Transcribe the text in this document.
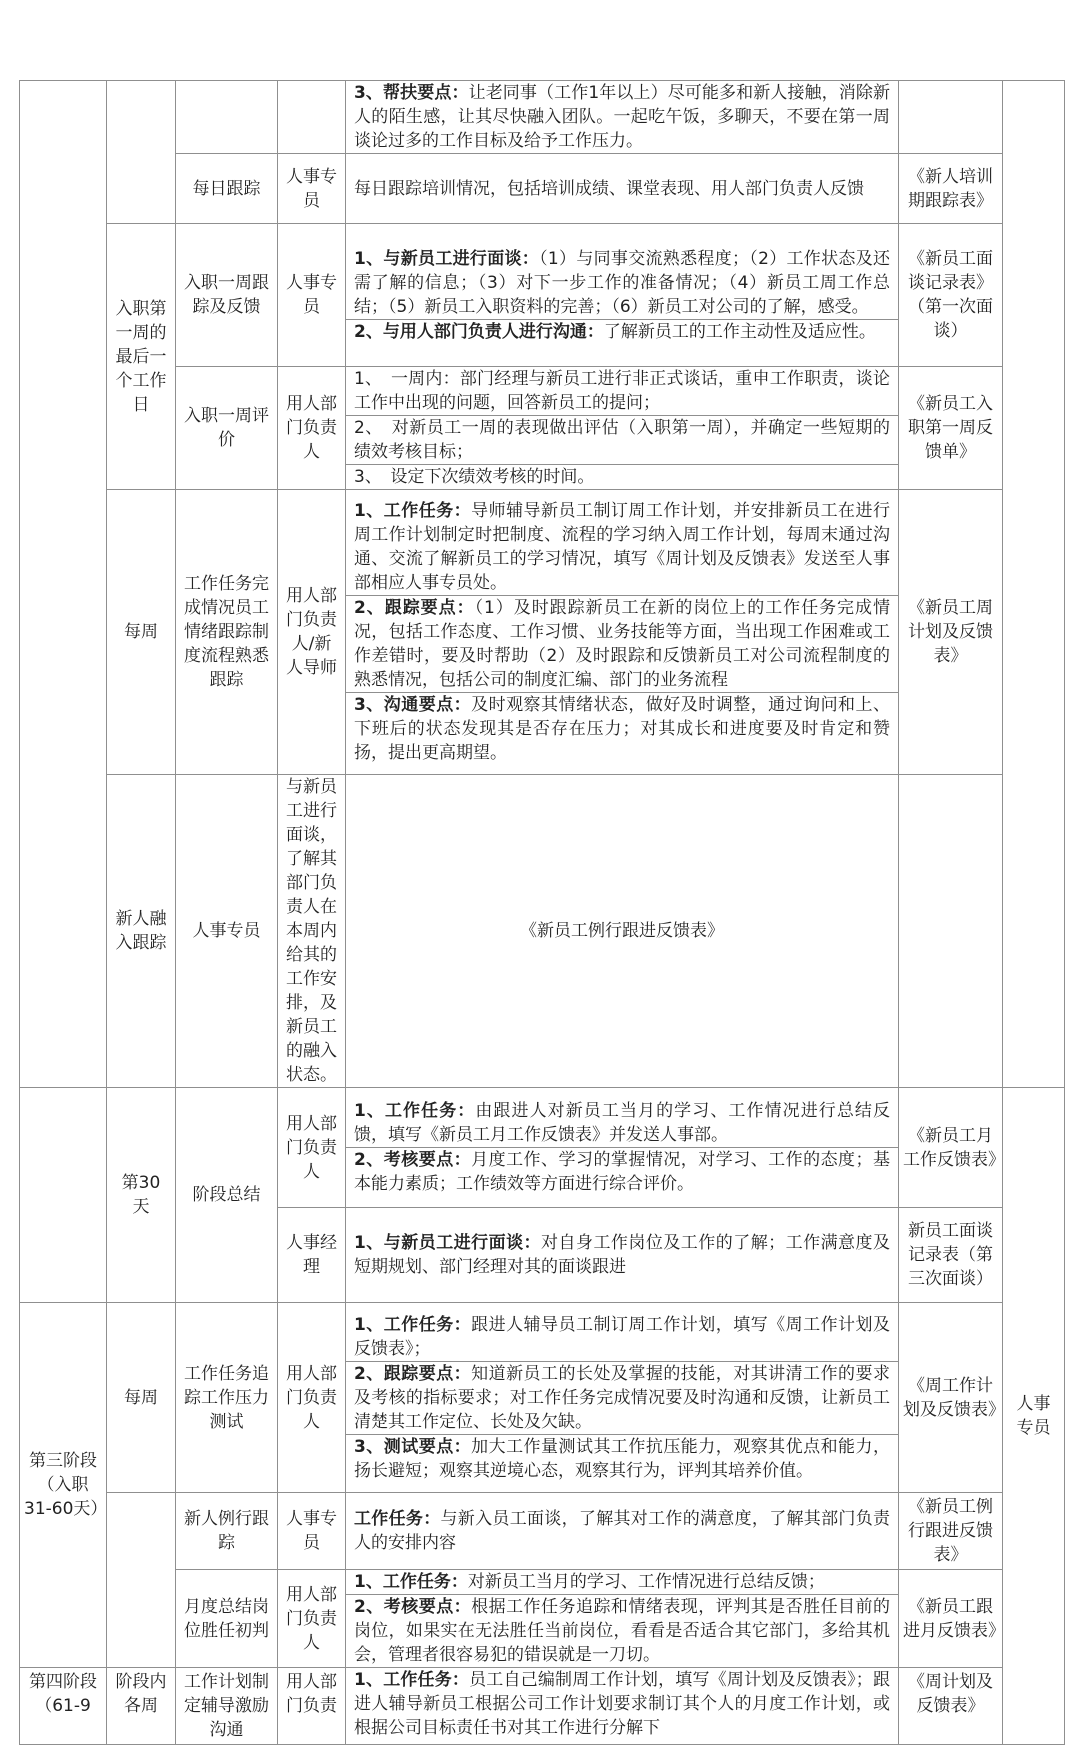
				3、帮扶要点：让老同事（工作1年以上）尽可能多和新人接触，消除新人的陌生感，让其尽快融入团队。一起吃午饭，多聊天，不要在第一周谈论过多的工作目标及给予工作压力。		
		每日跟踪	人事专员	每日跟踪培训情况，包括培训成绩、课堂表现、用人部门负责人反馈	《新人培训期跟踪表》	
	入职第一周的最后一个工作日	入职一周跟踪及反馈	人事专员	1、与新员工进行面谈：（1）与同事交流熟悉程度；（2）工作状态及还需了解的信息；（3）对下一步工作的准备情况；（4）新员工周工作总结；（5）新员工入职资料的完善；（6）新员工对公司的了解，感受。
2、与用人部门负责人进行沟通：了解新员工的工作主动性及适应性。	《新员工面谈记录表》（第一次面谈）	
		入职一周评价	用人部门负责人	1、　一周内：部门经理与新员工进行非正式谈话，重申工作职责，谈论工作中出现的问题，回答新员工的提问；
2、　对新员工一周的表现做出评估（入职第一周），并确定一些短期的绩效考核目标；
3、　设定下次绩效考核的时间。	《新员工入职第一周反馈单》	
	每周	工作任务完成情况员工情绪跟踪制度流程熟悉跟踪	用人部门负责人/新人导师	1、工作任务：导师辅导新员工制订周工作计划，并安排新员工在进行周工作计划制定时把制度、流程的学习纳入周工作计划，每周末通过沟通、交流了解新员工的学习情况，填写《周计划及反馈表》发送至人事部相应人事专员处。
2、跟踪要点：（1）及时跟踪新员工在新的岗位上的工作任务完成情况，包括工作态度、工作习惯、业务技能等方面，当出现工作困难或工作差错时，要及时帮助（2）及时跟踪和反馈新员工对公司流程制度的熟悉情况，包括公司的制度汇编、部门的业务流程
3、沟通要点：及时观察其情绪状态，做好及时调整，通过询问和上、下班后的状态发现其是否存在压力；对其成长和进度要及时肯定和赞扬，提出更高期望。	《新员工周计划及反馈表》	
	新人融入跟踪	人事专员	与新员工进行面谈，了解其部门负责人在本周内给其的工作安排，及新员工的融入状态。	《新员工例行跟进反馈表》		
	第30天	阶段总结	用人部门负责人	1、工作任务：由跟进人对新员工当月的学习、工作情况进行总结反馈，填写《新员工月工作反馈表》并发送人事部。
2、考核要点：月度工作、学习的掌握情况，对学习、工作的态度；基本能力素质；工作绩效等方面进行综合评价。	《新员工月工作反馈表》	人事专员
			人事经理	1、与新员工进行面谈：对自身工作岗位及工作的了解；工作满意度及短期规划、部门经理对其的面谈跟进	新员工面谈记录表（第三次面谈）	
第三阶段（入职31-60天）	每周	工作任务追踪工作压力测试	用人部门负责人	1、工作任务：跟进人辅导员工制订周工作计划，填写《周工作计划及反馈表》；
2、跟踪要点：知道新员工的长处及掌握的技能，对其讲清工作的要求及考核的指标要求；对工作任务完成情况要及时沟通和反馈，让新员工清楚其工作定位、长处及欠缺。
3、测试要点：加大工作量测试其工作抗压能力，观察其优点和能力，扬长避短；观察其逆境心态，观察其行为，评判其培养价值。	《周工作计划及反馈表》	
		新人例行跟踪	人事专员	工作任务：与新入员工面谈，了解其对工作的满意度，了解其部门负责人的安排内容	《新员工例行跟进反馈表》	
		月度总结岗位胜任初判	用人部门负责人	1、工作任务：对新员工当月的学习、工作情况进行总结反馈；
2、考核要点：根据工作任务追踪和情绪表现，评判其是否胜任目前的岗位，如果实在无法胜任当前岗位，看看是否适合其它部门，多给其机会，管理者很容易犯的错误就是一刀切。	《新员工跟进月反馈表》	
第四阶段（61-9	阶段内各周	工作计划制定辅导激励沟通	用人部门负责	1、工作任务：员工自己编制周工作计划，填写《周计划及反馈表》；跟进人辅导新员工根据公司工作计划要求制订其个人的月度工作计划，或根据公司目标责任书对其工作进行分解下	《周计划及反馈表》	
